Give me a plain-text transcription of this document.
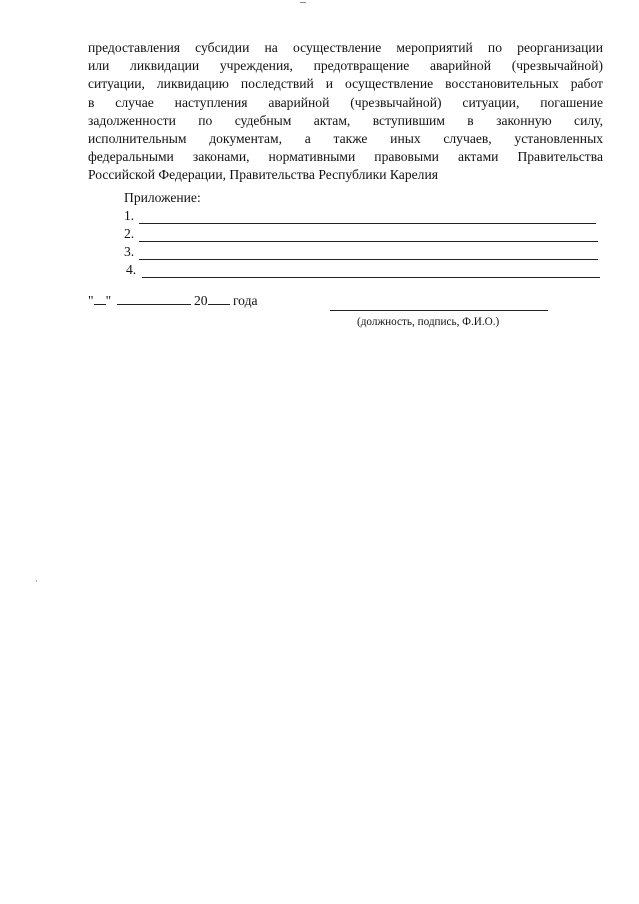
предоставления субсидии на осуществление мероприятий по реорганизации
или ликвидации учреждения, предотвращение аварийной (чрезвычайной)
ситуации, ликвидацию последствий и осуществление восстановительных работ
в случае наступления аварийной (чрезвычайной) ситуации, погашение
задолженности по судебным актам, вступившим в законную силу,
исполнительным документам, а также иных случаев, установленных
федеральными законами, нормативными правовыми актами Правительства
Российской Федерации, Правительства Республики Карелия
Приложение:
1.
2.
3.
4.
" "	20 года
(должность, подпись, Ф.И.О.)
